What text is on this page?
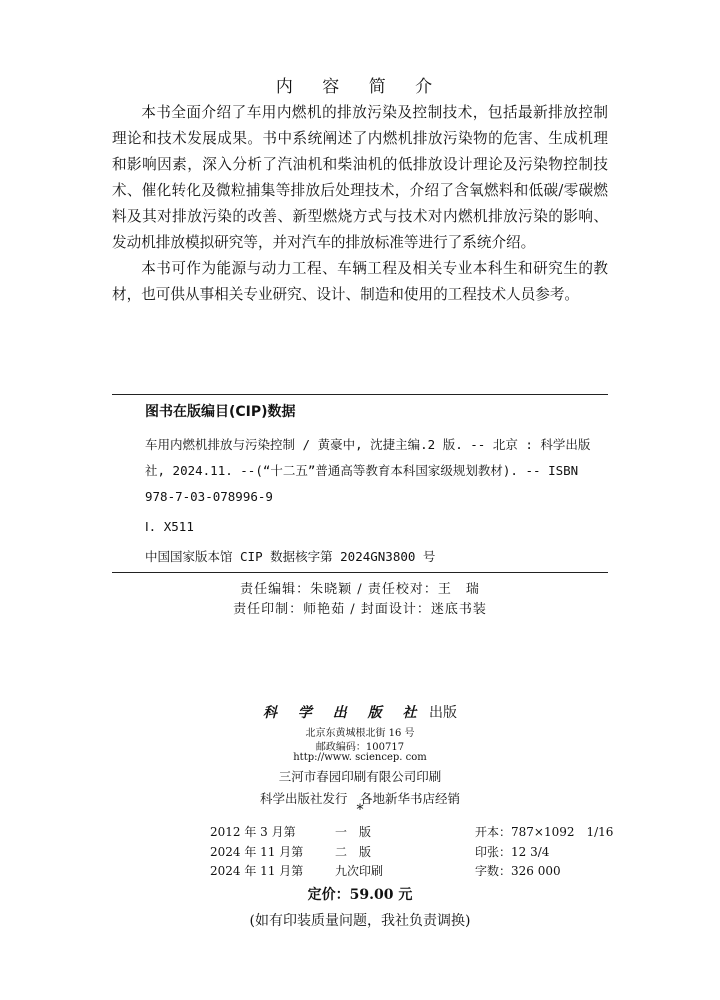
内 容 简 介

本书全面介绍了车用内燃机的排放污染及控制技术，包括最新排放控制理论和技术发展成果。书中系统阐述了内燃机排放污染物的危害、生成机理和影响因素，深入分析了汽油机和柴油机的低排放设计理论及污染物控制技术、催化转化及微粒捕集等排放后处理技术，介绍了含氧燃料和低碳/零碳燃料及其对排放污染的改善、新型燃烧方式与技术对内燃机排放污染的影响、发动机排放模拟研究等，并对汽车的排放标准等进行了系统介绍。

本书可作为能源与动力工程、车辆工程及相关专业本科生和研究生的教材，也可供从事相关专业研究、设计、制造和使用的工程技术人员参考。

图书在版编目(CIP)数据
车用内燃机排放与污染控制 / 黄豪中, 沈捷主编.2 版. -- 北京 : 科学出版社, 2024.11. --(“十二五”普通高等教育本科国家级规划教材). -- ISBN 978-7-03-078996-9
Ⅰ. X511
中国国家版本馆 CIP 数据核字第 2024GN3800 号
责任编辑：朱晓颖 / 责任校对：王　瑞
责任印制：师艳茹 / 封面设计：迷底书装
科 学 出 版 社 出版
北京东黄城根北街 16 号
邮政编码：100717
http://www. sciencep. com
三河市春园印刷有限公司印刷
科学出版社发行　各地新华书店经销
*
2012 年 3 月第	一　版	开本：787×1092　1/16
2024 年 11 月第	二　版	印张：12 3/4
2024 年 11 月第	九次印刷	字数：326 000
定价：59.00 元
(如有印装质量问题，我社负责调换)
